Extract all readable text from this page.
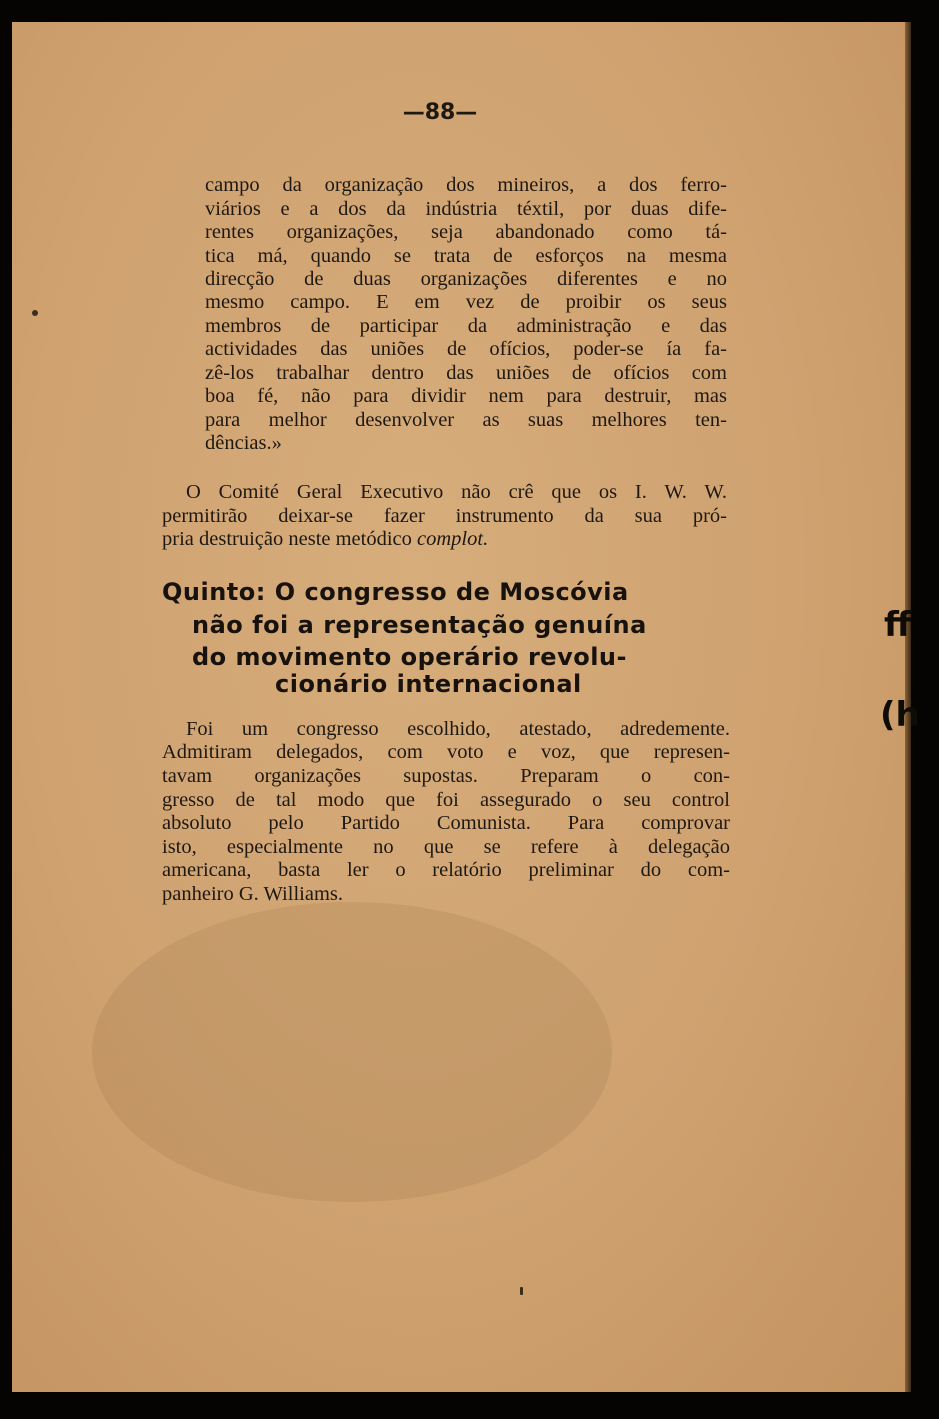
—88—
campo da organização dos mineiros, a dos ferro-
viários e a dos da indústria téxtil, por duas dife-
rentes organizações, seja abandonado como tá-
tica má, quando se trata de esforços na mesma
direcção de duas organizações diferentes e no
mesmo campo. E em vez de proibir os seus
membros de participar da administração e das
actividades das uniões de ofícios, poder-se ía fa-
zê-los trabalhar dentro das uniões de ofícios com
boa fé, não para dividir nem para destruir, mas
para melhor desenvolver as suas melhores ten-
dências.»
O Comité Geral Executivo não crê que os I. W. W.
permitirão deixar-se fazer instrumento da sua pró-
pria destruição neste metódico complot.
Quinto: O congresso de Moscóvia
não foi a representação genuína
do movimento operário revolu-
cionário internacional
Foi um congresso escolhido, atestado, adredemente.
Admitiram delegados, com voto e voz, que represen-
tavam organizações supostas. Preparam o con-
gresso de tal modo que foi assegurado o seu control
absoluto pelo Partido Comunista. Para comprovar
isto, especialmente no que se refere à delegação
americana, basta ler o relatório preliminar do com-
panheiro G. Williams.
ff
(h
